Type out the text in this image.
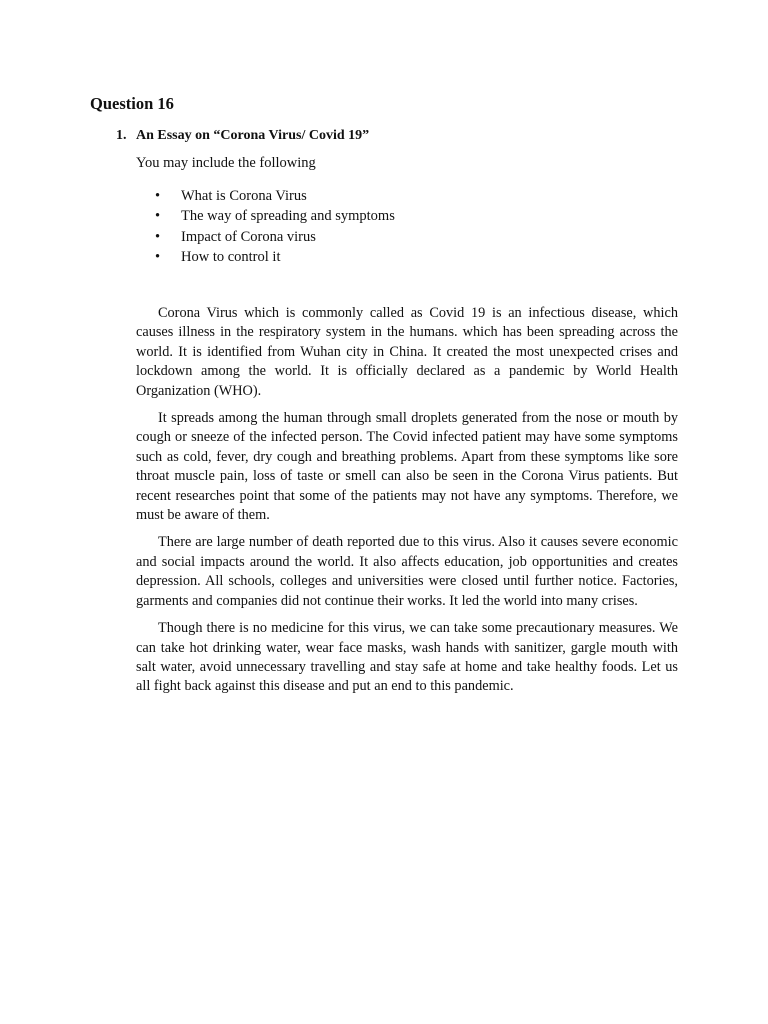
Question 16
1. An Essay on “Corona Virus/ Covid 19”
You may include the following
• What is Corona Virus
• The way of spreading and symptoms
• Impact of Corona virus
• How to control it

Corona Virus which is commonly called as Covid 19 is an infectious disease, which causes illness in the respiratory system in the humans. which has been spreading across the world. It is identified from Wuhan city in China. It created the most unexpected crises and lockdown among the world. It is officially declared as a pandemic by World Health Organization (WHO).

It spreads among the human through small droplets generated from the nose or mouth by cough or sneeze of the infected person. The Covid infected patient may have some symptoms such as cold, fever, dry cough and breathing problems. Apart from these symptoms like sore throat muscle pain, loss of taste or smell can also be seen in the Corona Virus patients. But recent researches point that some of the patients may not have any symptoms. Therefore, we must be aware of them.

There are large number of death reported due to this virus. Also it causes severe economic and social impacts around the world. It also affects education, job opportunities and creates depression. All schools, colleges and universities were closed until further notice. Factories, garments and companies did not continue their works. It led the world into many crises.

Though there is no medicine for this virus, we can take some precautionary measures. We can take hot drinking water, wear face masks, wash hands with sanitizer, gargle mouth with salt water, avoid unnecessary travelling and stay safe at home and take healthy foods. Let us all fight back against this disease and put an end to this pandemic.
